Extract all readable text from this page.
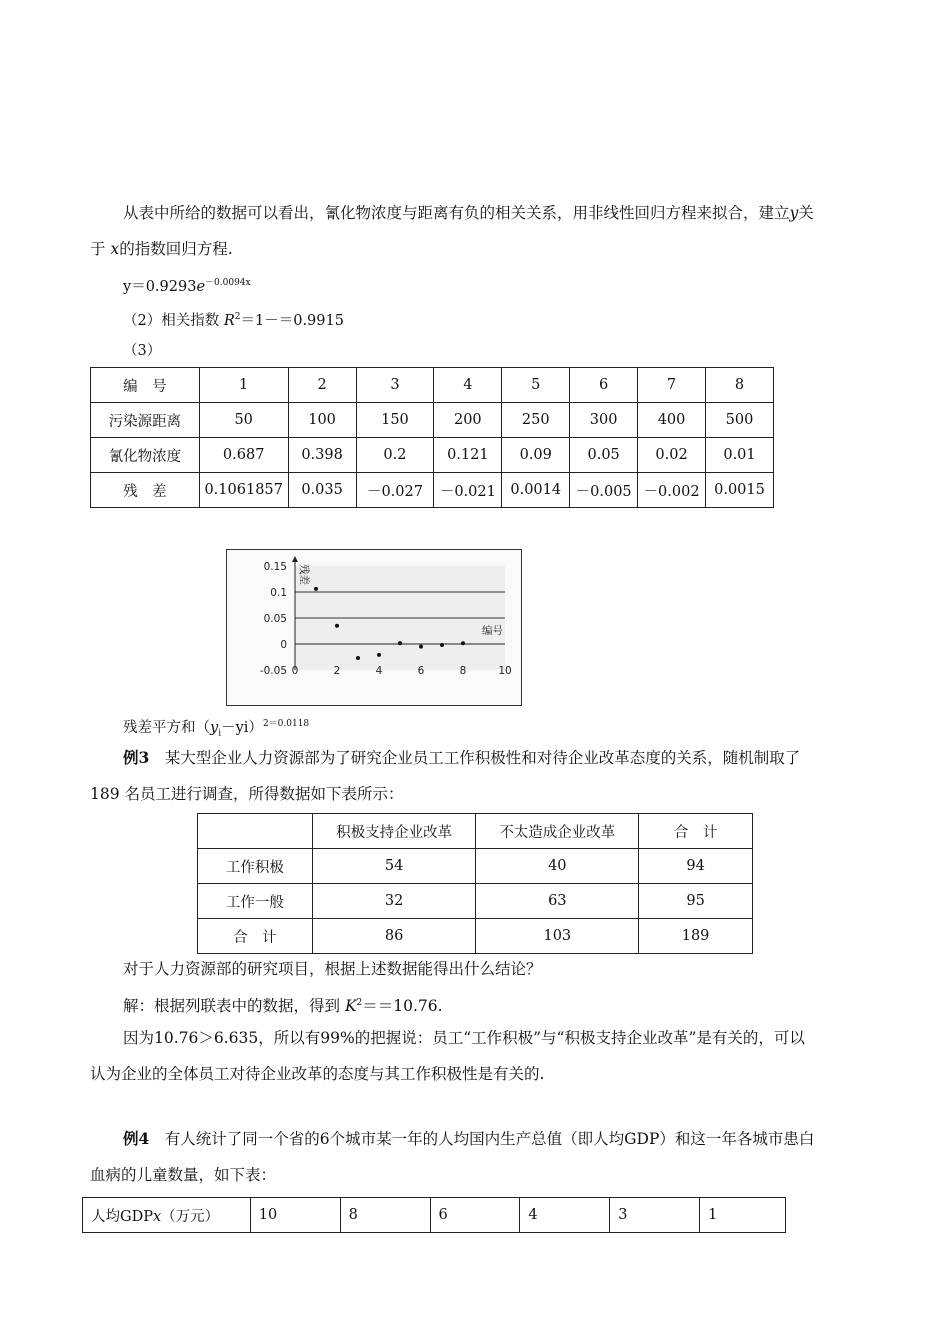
从表中所给的数据可以看出，氰化物浓度与距离有负的相关关系，用非线性回归方程来拟合，建立y关
于 x的指数回归方程.
$y=0.9293e^{-0.0094x}$
（2）相关指数 $R^2=1-=0.9915$
（3）
编　号	1	2	3	4	5	6	7	8
污染源距离	50	100	150	200	250	300	400	500
氰化物浓度	0.687	0.398	0.2	0.121	0.09	0.05	0.02	0.01
残　差	0.1061857	0.035	－0.027	－0.021	0.0014	－0.005	－0.002	0.0015
0.15
0.1
0.05
0
-0.05 0	2	4	6	8	10
编号
残差
残差平方和$(y_i-yi)^{2=0.0118}$
例3　某大型企业人力资源部为了研究企业员工工作积极性和对待企业改革态度的关系，随机制取了
189 名员工进行调查，所得数据如下表所示：
	积极支持企业改革	不太造成企业改革	合　计
工作积极	54	40	94
工作一般	32	63	95
合　计	86	103	189
对于人力资源部的研究项目，根据上述数据能得出什么结论？
解：根据列联表中的数据，得到 $K^2==10.76$.
因为10.76＞6.635，所以有99%的把握说：员工“工作积极”与“积极支持企业改革”是有关的，可以
认为企业的全体员工对待企业改革的态度与其工作积极性是有关的.
例4　有人统计了同一个省的6个城市某一年的人均国内生产总值（即人均GDP）和这一年各城市患白
血病的儿童数量，如下表：
人均GDPx（万元）	10	8	6	4	3	1
